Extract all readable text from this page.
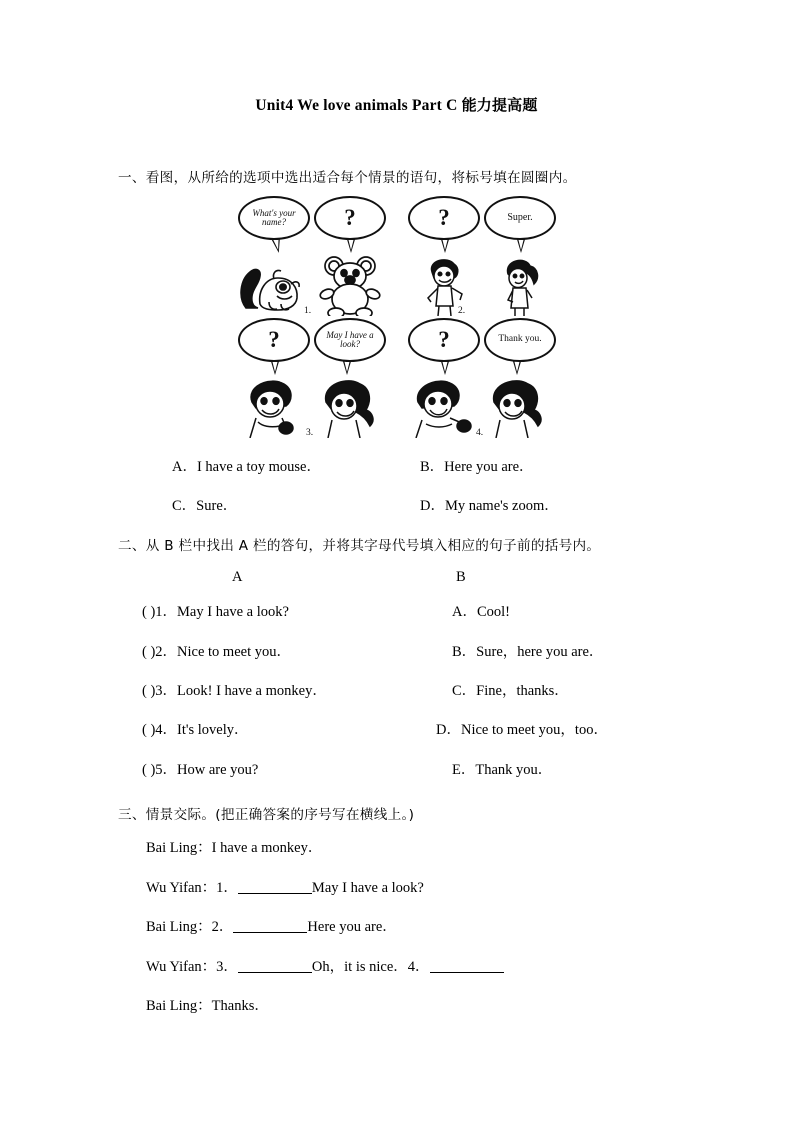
Unit4 We love animals Part C 能力提高题
一、看图，从所给的选项中选出适合每个情景的语句，将标号填在圆圈内。
What's your name?
1.
?	?	Super.
2.
?
3.
May I have a look?	?
4.
Thank you.
A．I have a toy mouse．	B．Here you are．
C．Sure．	D．My name's zoom．
二、从 B 栏中找出 A 栏的答句，并将其字母代号填入相应的句子前的括号内。
A	B
( )1．May I have a look?	A．Cool!
( )2．Nice to meet you．	B．Sure，here you are．
( )3．Look! I have a monkey．	C．Fine，thanks．
( )4．It's lovely．	D．Nice to meet you，too．
( )5．How are you?	E．Thank you．
三、情景交际。(把正确答案的序号写在横线上。)
Bai Ling：I have a monkey．
Wu Yifan：1．	May I have a look?
Bai Ling：2．	Here you are．
Wu Yifan：3．	Oh，it is nice．4．
Bai Ling：Thanks．
